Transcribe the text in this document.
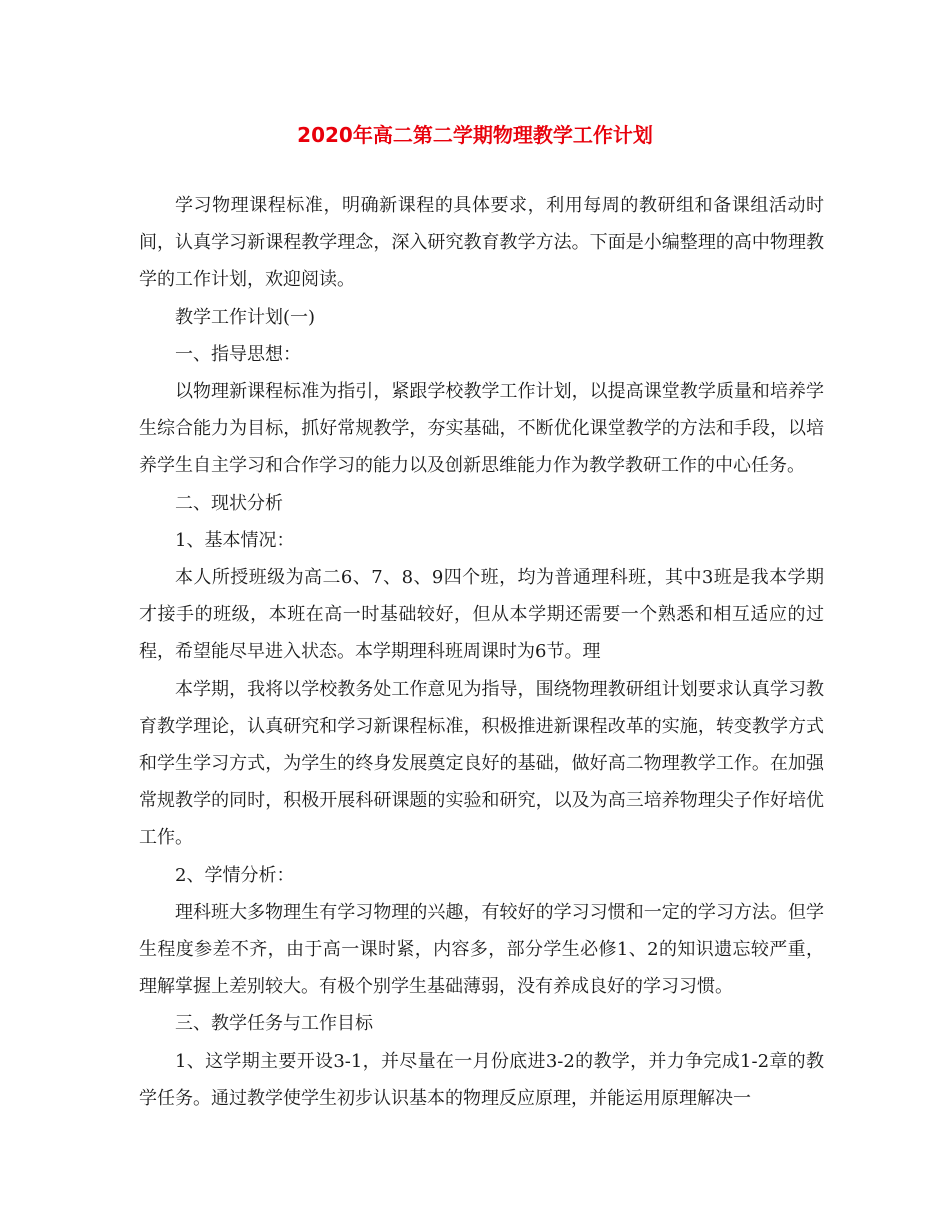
2020年高二第二学期物理教学工作计划

学习物理课程标准，明确新课程的具体要求，利用每周的教研组和备课组活动时间，认真学习新课程教学理念，深入研究教育教学方法。下面是小编整理的高中物理教学的工作计划，欢迎阅读。

教学工作计划(一)

一、指导思想：

以物理新课程标准为指引，紧跟学校教学工作计划，以提高课堂教学质量和培养学生综合能力为目标，抓好常规教学，夯实基础，不断优化课堂教学的方法和手段，以培养学生自主学习和合作学习的能力以及创新思维能力作为教学教研工作的中心任务。

二、现状分析

1、基本情况：

本人所授班级为高二6、7、8、9四个班，均为普通理科班，其中3班是我本学期才接手的班级，本班在高一时基础较好，但从本学期还需要一个熟悉和相互适应的过程，希望能尽早进入状态。本学期理科班周课时为6节。理

本学期，我将以学校教务处工作意见为指导，围绕物理教研组计划要求认真学习教育教学理论，认真研究和学习新课程标准，积极推进新课程改革的实施，转变教学方式和学生学习方式，为学生的终身发展奠定良好的基础，做好高二物理教学工作。在加强常规教学的同时，积极开展科研课题的实验和研究，以及为高三培养物理尖子作好培优工作。

2、学情分析：

理科班大多物理生有学习物理的兴趣，有较好的学习习惯和一定的学习方法。但学生程度参差不齐，由于高一课时紧，内容多，部分学生必修1、2的知识遗忘较严重，理解掌握上差别较大。有极个别学生基础薄弱，没有养成良好的学习习惯。

三、教学任务与工作目标

1、这学期主要开设3-1，并尽量在一月份底进3-2的教学，并力争完成1-2章的教学任务。通过教学使学生初步认识基本的物理反应原理，并能运用原理解决一
